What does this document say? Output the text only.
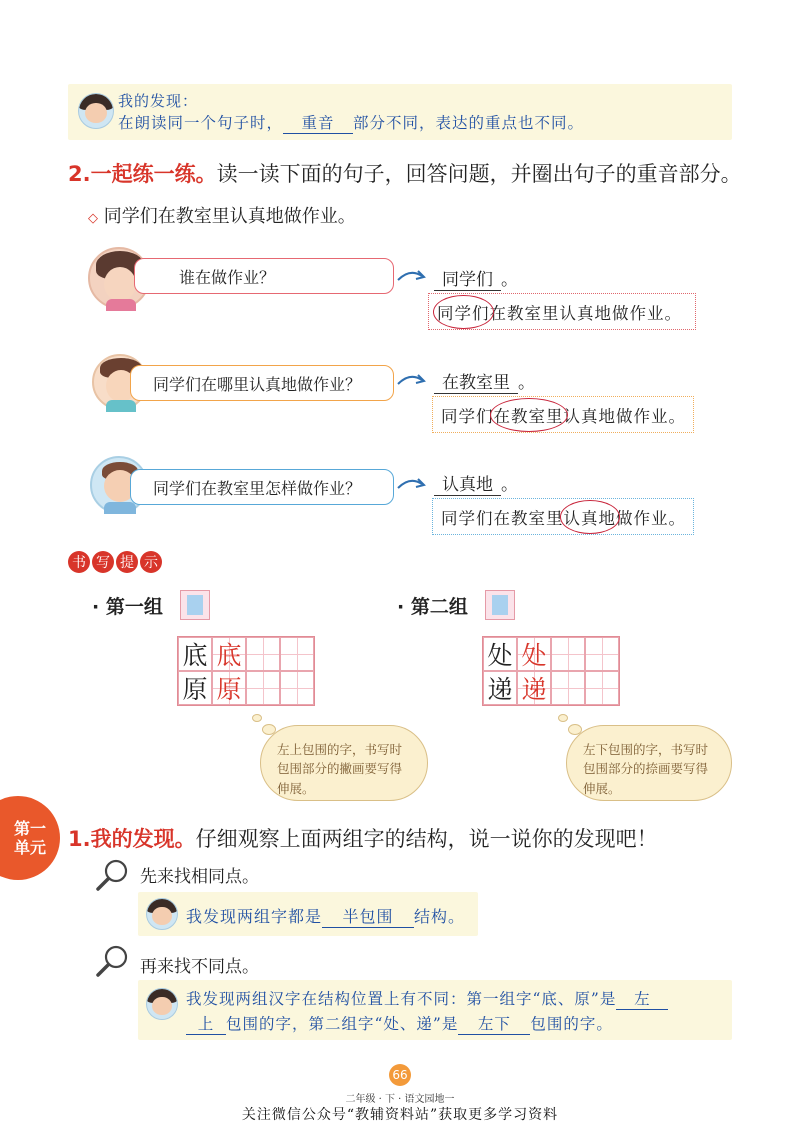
我的发现：
在朗读同一个句子时， 重音 部分不同，表达的重点也不同。
2.一起练一练。读一读下面的句子，回答问题，并圈出句子的重音部分。
◇ 同学们在教室里认真地做作业。
谁在做作业？	同学们 。
同学们 在教室里认真地做作业。
同学们在哪里认真地做作业？	在教室里 。
同学们 在教室里 认真地做作业。
同学们在教室里怎样做作业？	认真地 。
同学们在教室里 认真地 做作业。
书 写 提 示
· 第一组
底 底
原 原
左上包围的字，书写时包围部分的撇画要写得伸展。
· 第二组
处 处
递 递
左下包围的字，书写时包围部分的捺画要写得伸展。
第一
单元 1.我的发现。仔细观察上面两组字的结构，说一说你的发现吧！
先来找相同点。
我发现两组字都是 半包围 结构。
再来找不同点。
我发现两组汉字在结构位置上有不同：第一组字“底、原”是 左
上 包围的字，第二组字“处、递”是 左下 包围的字。
66
二年级 · 下 · 语文园地一
关注微信公众号“教辅资料站”获取更多学习资料
